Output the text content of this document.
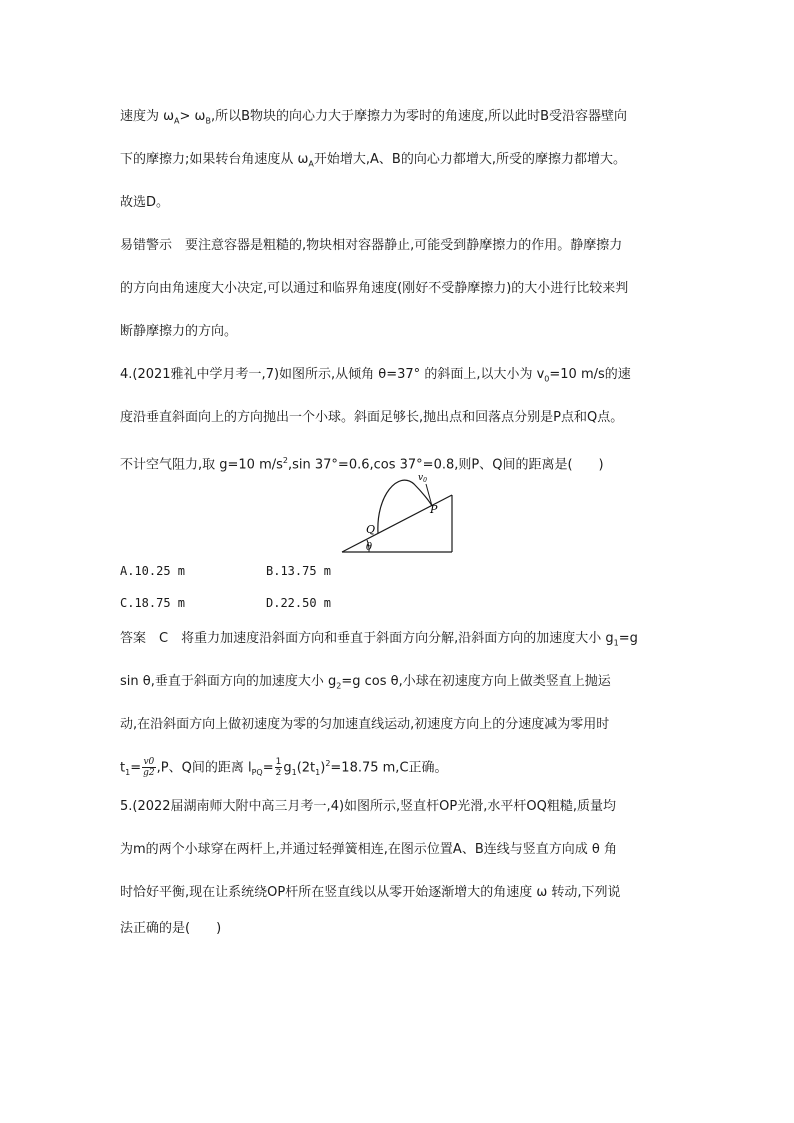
速度为 $\omega_A> \omega_B$,所以B物块的向心力大于摩擦力为零时的角速度,所以此时B受沿容器壁向
下的摩擦力;如果转台角速度从 $\omega_A$开始增大,A、B的向心力都增大,所受的摩擦力都增大。
故选D。
易错警示　要注意容器是粗糙的,物块相对容器静止,可能受到静摩擦力的作用。静摩擦力
的方向由角速度大小决定,可以通过和临界角速度(刚好不受静摩擦力)的大小进行比较来判
断静摩擦力的方向。
4.(2021雅礼中学月考一,7)如图所示,从倾角 θ=37° 的斜面上,以大小为 $v_0=10$ m/s的速
度沿垂直斜面向上的方向抛出一个小球。斜面足够长,抛出点和回落点分别是P点和Q点。
不计空气阻力,取 g=10 $m/s^2,\sin$ 37°=0.6,cos 37°=0.8,则P、Q间的距离是(　　)
$v_0$
Q
P
θ
A.10.25 m	B.13.75 m
C.18.75 m	D.22.50 m
答案　C　将重力加速度沿斜面方向和垂直于斜面方向分解,沿斜面方向的加速度大小 $g_1=g$
sin θ,垂直于斜面方向的加速度大小 $g_2=g$ cos θ,小球在初速度方向上做类竖直上抛运
动,在沿斜面方向上做初速度为零的匀加速直线运动,初速度方向上的分速度减为零用时
$t_1= \frac{v0}{g2} ,P$、Q间的距离 $l_{PQ}= \frac{1}{2} g_1(2t_1)^2=18.75$ m,C正确。
5.(2022届湖南师大附中高三月考一,4)如图所示,竖直杆OP光滑,水平杆OQ粗糙,质量均
为m的两个小球穿在两杆上,并通过轻弹簧相连,在图示位置A、B连线与竖直方向成 θ 角
时恰好平衡,现在让系统绕OP杆所在竖直线以从零开始逐渐增大的角速度 ω 转动,下列说
法正确的是(　　)
